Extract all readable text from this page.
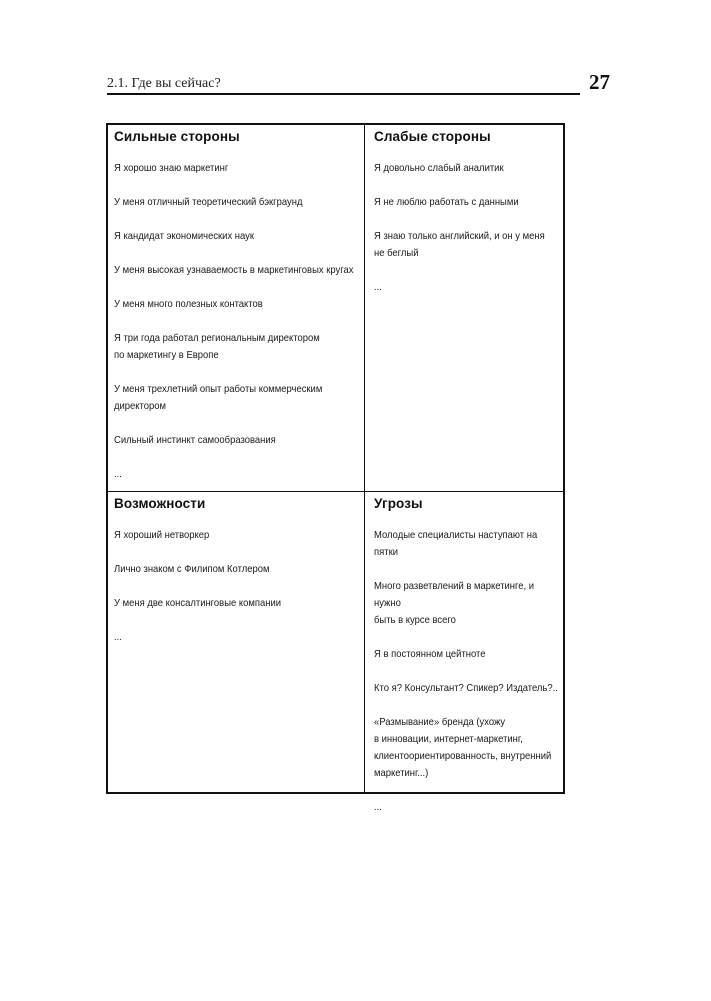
2.1. Где вы сейчас?	27
Сильные стороны
Я хорошо знаю маркетинг
У меня отличный теоретический бэкграунд
Я кандидат экономических наук
У меня высокая узнаваемость в маркетинговых кругах
У меня много полезных контактов
Я три года работал региональным директором
по маркетингу в Европе
У меня трехлетний опыт работы коммерческим
директором
Сильный инстинкт самообразования
...
Слабые стороны
Я довольно слабый аналитик
Я не люблю работать с данными
Я знаю только английский, и он у меня
не беглый
...
Возможности
Я хороший нетворкер
Лично знаком с Филипом Котлером
У меня две консалтинговые компании
...
Угрозы
Молодые специалисты наступают на пятки
Много разветвлений в маркетинге, и нужно
быть в курсе всего
Я в постоянном цейтноте
Кто я? Консультант? Спикер? Издатель?..
«Размывание» бренда (ухожу
в инновации, интернет-маркетинг,
клиентоориентированность, внутренний
маркетинг...)
...
